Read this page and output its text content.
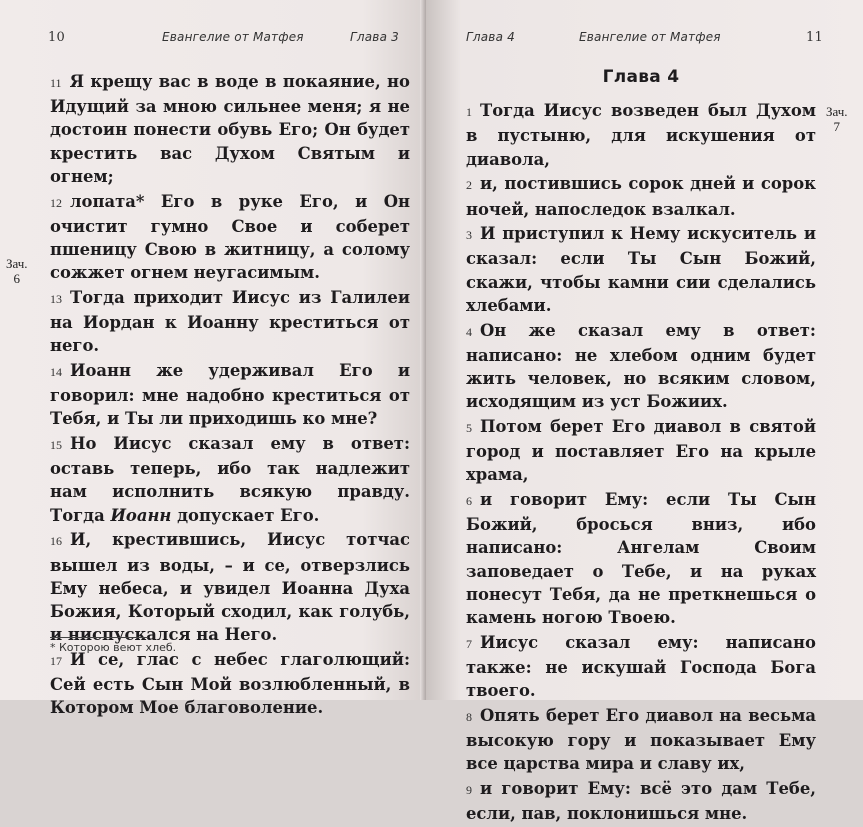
10	Евангелие от Матфея	Глава 3

11 Я крещу вас в воде в покаяние, но Идущий за мною сильнее меня; я не достоин понести обувь Его; Он будет крестить вас Духом Святым и огнем;

12 лопата* Его в руке Его, и Он очистит гумно Свое и соберет пшеницу Свою в житницу, а солому сожжет огнем неугасимым.

13 Тогда приходит Иисус из Галилеи на Иордан к Иоанну креститься от него.

14 Иоанн же удерживал Его и говорил: мне надобно креститься от Тебя, и Ты ли приходишь ко мне?

15 Но Иисус сказал ему в ответ: оставь теперь, ибо так надлежит нам исполнить всякую правду. Тогда Иоанн допускает Его.

16 И, крестившись, Иисус тотчас вышел из воды, – и се, отверзлись Ему небеса, и увидел Иоанна Духа Божия, Который сходил, как голубь, и ниспускался на Него.

17 И се, глас с небес глаголющий: Сей есть Сын Мой возлюбленный, в Котором Мое благоволение.

Зач.
6
* Которою веют хлеб.
Глава 4	Евангелие от Матфея	11
Глава 4

1 Тогда Иисус возведен был Духом в пустыню, для искушения от диавола,

2 и, постившись сорок дней и сорок ночей, напоследок взалкал.

3 И приступил к Нему искуситель и сказал: если Ты Сын Божий, скажи, чтобы камни сии сделались хлебами.

4 Он же сказал ему в ответ: написано: не хлебом одним будет жить человек, но всяким словом, исходящим из уст Божиих.

5 Потом берет Его диавол в святой город и поставляет Его на крыле храма,

6 и говорит Ему: если Ты Сын Божий, бросься вниз, ибо написано: Ангелам Своим заповедает о Тебе, и на руках понесут Тебя, да не преткнешься о камень ногою Твоею.

7 Иисус сказал ему: написано также: не искушай Господа Бога твоего.

8 Опять берет Его диавол на весьма высокую гору и показывает Ему все царства мира и славу их,

9 и говорит Ему: всё это дам Тебе, если, пав, поклонишься мне.

Зач.
7
